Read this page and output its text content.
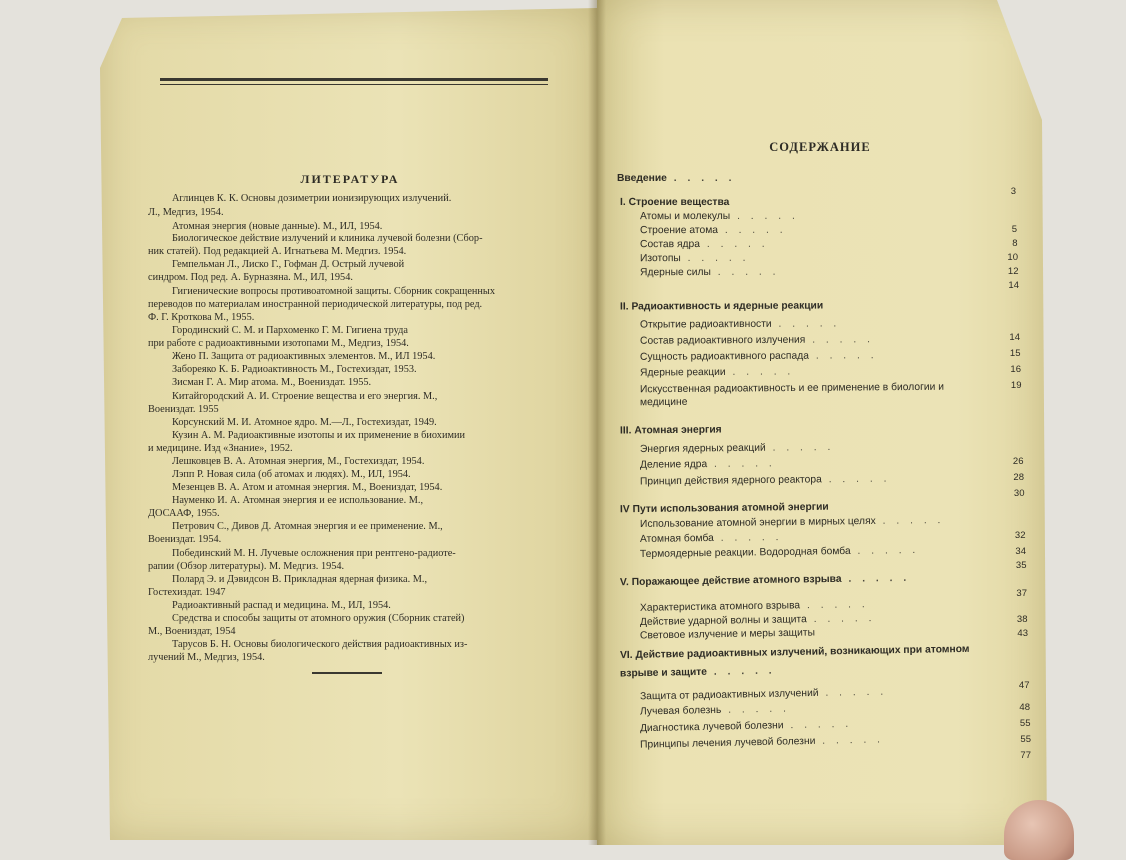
ЛИТЕРАТУРА
Аглинцев К. К. Основы дозиметрии ионизирующих излучений.
Л., Медгиз, 1954.
Атомная энергия (новые данные). М., ИЛ, 1954.
Биологическое действие излучений и клиника лучевой болезни (Сбор-
ник статей). Под редакцией А. Игнатьева М. Медгиз. 1954.
Гемпельман Л., Лиско Г., Гофман Д. Острый лучевой
синдром. Под ред. А. Бурназяна. М., ИЛ, 1954.
Гигиенические вопросы противоатомной защиты. Сборник сокращенных
переводов по материалам иностранной периодической литературы, под ред.
Ф. Г. Кроткова М., 1955.
Городинский С. М. и Пархоменко Г. М. Гигиена труда
при работе с радиоактивными изотопами М., Медгиз, 1954.
Жено П. Защита от радиоактивных элементов. М., ИЛ 1954.
Забореяко К. Б. Радиоактивность М., Гостехиздат, 1953.
Зисман Г. А. Мир атома. М., Воениздат. 1955.
Китайгородский А. И. Строение вещества и его энергия. М.,
Воениздат. 1955
Корсунский М. И. Атомное ядро. М.—Л., Гостехиздат, 1949.
Кузин А. М. Радиоактивные изотопы и их применение в биохимии
и медицине. Изд «Знание», 1952.
Лешковцев В. А. Атомная энергия, М., Гостехиздат, 1954.
Лэпп Р. Новая сила (об атомах и людях). М., ИЛ, 1954.
Мезенцев В. А. Атом и атомная энергия. М., Воениздат, 1954.
Науменко И. А. Атомная энергия и ее использование. М.,
ДОСААФ, 1955.
Петрович С., Дивов Д. Атомная энергия и ее применение. М.,
Воениздат. 1954.
Побединский М. Н. Лучевые осложнения при рентгено-радиоте-
рапии (Обзор литературы). М. Медгиз. 1954.
Полард Э. и Дэвидсон В. Прикладная ядерная физика. М.,
Гостехиздат. 1947
Радиоактивный распад и медицина. М., ИЛ, 1954.
Средства и способы защиты от атомного оружия (Сборник статей)
М., Воениздат, 1954
Тарусов Б. Н. Основы биологического действия радиоактивных из-
лучений М., Медгиз, 1954.
СОДЕРЖАНИЕ
Введение . . . . .
3
I. Строение вещества
Атомы и молекулы . . . . .
5
Строение атома . . . . .
8
Состав ядра . . . . .
10
Изотопы . . . . .
12
Ядерные силы . . . . .
14
II. Радиоактивность и ядерные реакции
Открытие радиоактивности . . . . .
14
Состав радиоактивного излучения . . . . .
15
Сущность радиоактивного распада . . . . .
16
Ядерные реакции . . . . .
19
Искусственная радиоактивность и ее применение в биологии и
медицине
III. Атомная энергия
Энергия ядерных реакций . . . . .
26
Деление ядра . . . . .
28
Принцип действия ядерного реактора . . . . .
30
IV Пути использования атомной энергии
Использование атомной энергии в мирных целях . . . . .
32
Атомная бомба . . . . .
34
Термоядерные реакции. Водородная бомба . . . . .
35
V. Поражающее действие атомного взрыва . . . . .
37
Характеристика атомного взрыва . . . . .
38
Действие ударной волны и защита . . . . .
43
Световое излучение и меры защиты
VI. Действие радиоактивных излучений, возникающих при атомном
взрыве и защите . . . . .
47
Защита от радиоактивных излучений . . . . .
48
Лучевая болезнь . . . . .
55
Диагностика лучевой болезни . . . . .
55
Принципы лечения лучевой болезни . . . . .
77
